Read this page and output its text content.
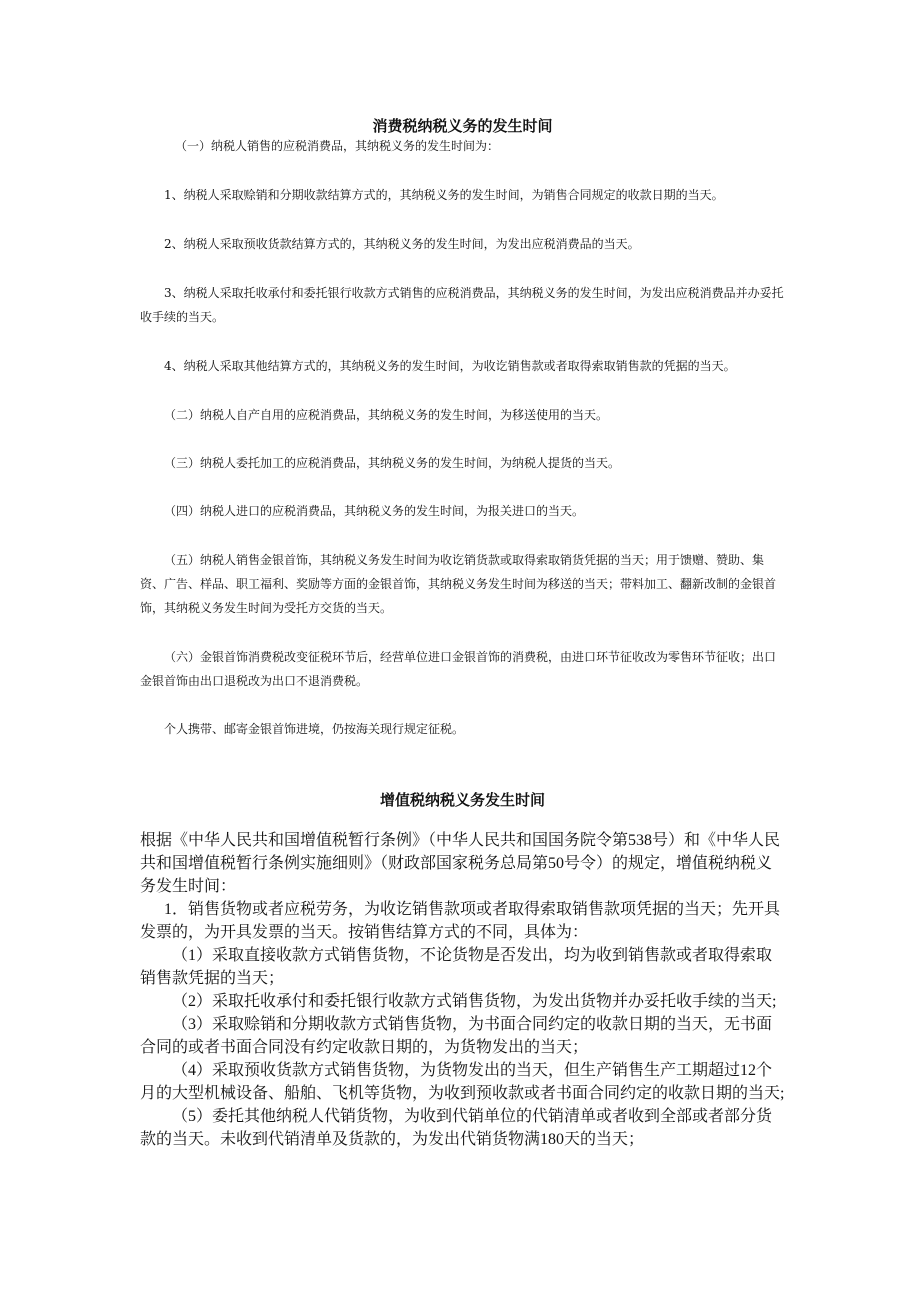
消费税纳税义务的发生时间

（一）纳税人销售的应税消费品，其纳税义务的发生时间为：

1、纳税人采取赊销和分期收款结算方式的，其纳税义务的发生时间，为销售合同规定的收款日期的当天。

2、纳税人采取预收货款结算方式的，其纳税义务的发生时间，为发出应税消费品的当天。

3、纳税人采取托收承付和委托银行收款方式销售的应税消费品，其纳税义务的发生时间，为发出应税消费品并办妥托收手续的当天。

4、纳税人采取其他结算方式的，其纳税义务的发生时间，为收讫销售款或者取得索取销售款的凭据的当天。

（二）纳税人自产自用的应税消费品，其纳税义务的发生时间，为移送使用的当天。

（三）纳税人委托加工的应税消费品，其纳税义务的发生时间，为纳税人提货的当天。

（四）纳税人进口的应税消费品，其纳税义务的发生时间，为报关进口的当天。

（五）纳税人销售金银首饰，其纳税义务发生时间为收讫销货款或取得索取销货凭据的当天；用于馈赠、赞助、集资、广告、样品、职工福利、奖励等方面的金银首饰，其纳税义务发生时间为移送的当天；带料加工、翻新改制的金银首饰，其纳税义务发生时间为受托方交货的当天。

（六）金银首饰消费税改变征税环节后，经营单位进口金银首饰的消费税，由进口环节征收改为零售环节征收；出口金银首饰由出口退税改为出口不退消费税。

个人携带、邮寄金银首饰进境，仍按海关现行规定征税。

增值税纳税义务发生时间

根据《中华人民共和国增值税暂行条例》（中华人民共和国国务院令第538号）和《中华人民共和国增值税暂行条例实施细则》（财政部国家税务总局第50号令）的规定，增值税纳税义务发生时间：

1．销售货物或者应税劳务，为收讫销售款项或者取得索取销售款项凭据的当天；先开具发票的，为开具发票的当天。按销售结算方式的不同，具体为：

（1）采取直接收款方式销售货物，不论货物是否发出，均为收到销售款或者取得索取销售款凭据的当天；

（2）采取托收承付和委托银行收款方式销售货物，为发出货物并办妥托收手续的当天;

（3）采取赊销和分期收款方式销售货物，为书面合同约定的收款日期的当天，无书面合同的或者书面合同没有约定收款日期的，为货物发出的当天；

（4）采取预收货款方式销售货物，为货物发出的当天，但生产销售生产工期超过12个月的大型机械设备、船舶、飞机等货物，为收到预收款或者书面合同约定的收款日期的当天;

（5）委托其他纳税人代销货物，为收到代销单位的代销清单或者收到全部或者部分货款的当天。未收到代销清单及货款的，为发出代销货物满180天的当天；
